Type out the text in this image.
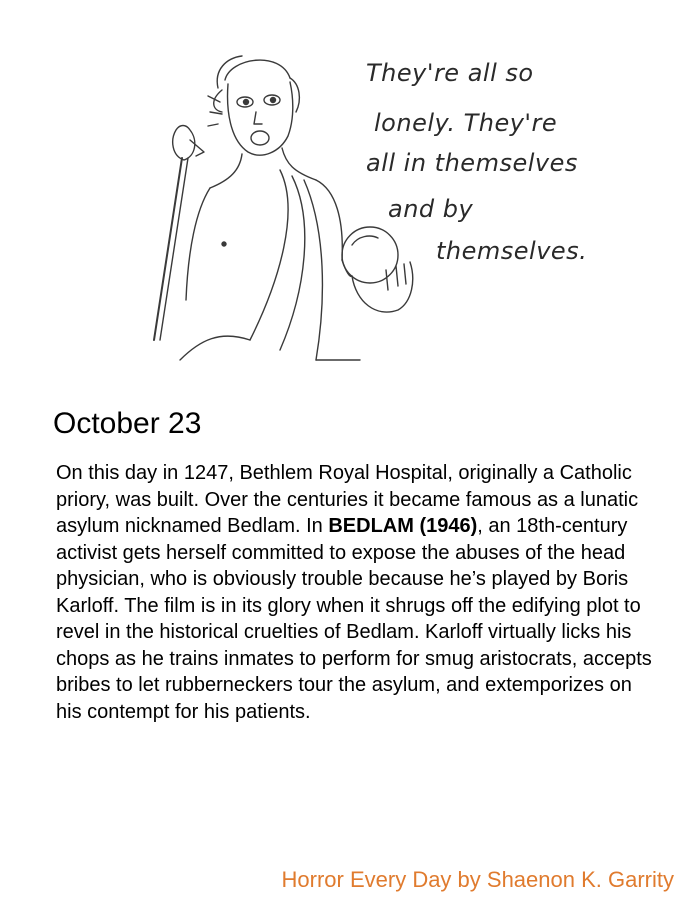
They're all so
lonely. They're
all in themselves
and by
themselves.
October 23
On this day in 1247, Bethlem Royal Hospital, originally a Catholic priory, was built. Over the centuries it became famous as a lunatic asylum nicknamed Bedlam. In BEDLAM (1946), an 18th-century activist gets herself committed to expose the abuses of the head physician, who is obviously trouble because he’s played by Boris Karloff. The film is in its glory when it shrugs off the edifying plot to revel in the historical cruelties of Bedlam. Karloff virtually licks his chops as he trains inmates to perform for smug aristocrats, accepts bribes to let rubberneckers tour the asylum, and extemporizes on his contempt for his patients.
Horror Every Day by Shaenon K. Garrity
